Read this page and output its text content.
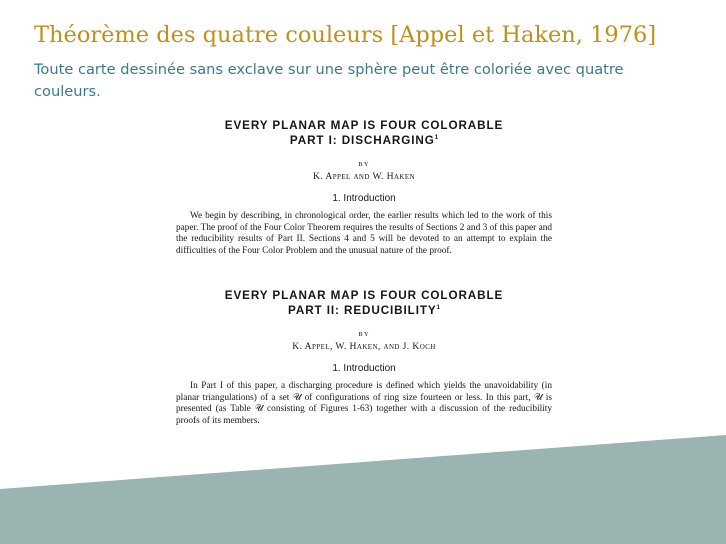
Théorème des quatre couleurs [Appel et Haken, 1976]

Toute carte dessinée sans exclave sur une sphère peut être coloriée avec quatre couleurs.

EVERY PLANAR MAP IS FOUR COLORABLE
PART I: DISCHARGING$^1$
BY
K. Appel and W. Haken
1. Introduction
We begin by describing, in chronological order, the earlier results which led to the work of this paper. The proof of the Four Color Theorem requires the results of Sections 2 and 3 of this paper and the reducibility results of Part II. Sections 4 and 5 will be devoted to an attempt to explain the difficulties of the Four Color Problem and the unusual nature of the proof.
EVERY PLANAR MAP IS FOUR COLORABLE
PART II: REDUCIBILITY$^1$
BY
K. Appel, W. Haken, and J. Koch
1. Introduction
In Part I of this paper, a discharging procedure is defined which yields the unavoidability (in planar triangulations) of a set 𝒰 of configurations of ring size fourteen or less. In this part, 𝒰 is presented (as Table 𝒰 consisting of Figures 1-63) together with a discussion of the reducibility proofs of its members.
